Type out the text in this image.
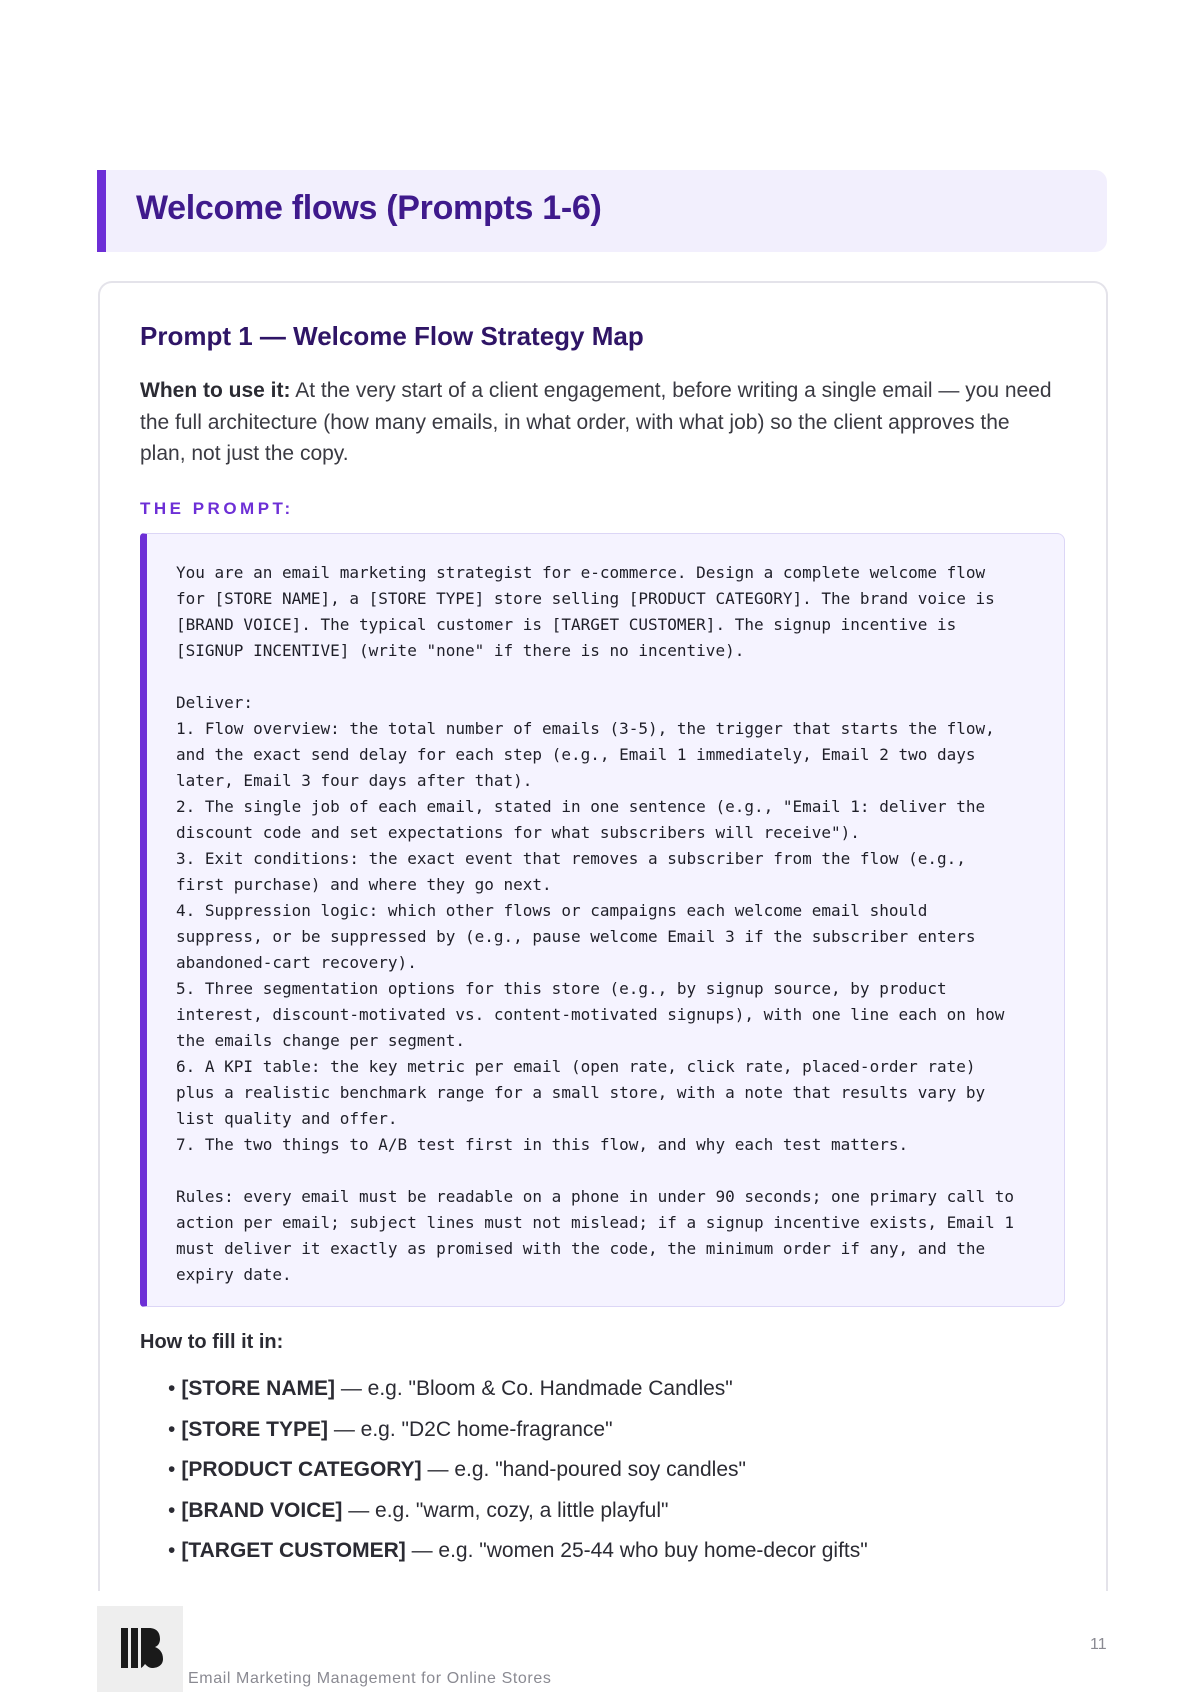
Welcome flows (Prompts 1-6)
Prompt 1 — Welcome Flow Strategy Map

When to use it: At the very start of a client engagement, before writing a single email — you need the full architecture (how many emails, in what order, with what job) so the client approves the plan, not just the copy.

THE PROMPT:
You are an email marketing strategist for e-commerce. Design a complete welcome flow
for [STORE NAME], a [STORE TYPE] store selling [PRODUCT CATEGORY]. The brand voice is
[BRAND VOICE]. The typical customer is [TARGET CUSTOMER]. The signup incentive is
[SIGNUP INCENTIVE] (write "none" if there is no incentive).

Deliver:
1. Flow overview: the total number of emails (3-5), the trigger that starts the flow,
and the exact send delay for each step (e.g., Email 1 immediately, Email 2 two days
later, Email 3 four days after that).
2. The single job of each email, stated in one sentence (e.g., "Email 1: deliver the
discount code and set expectations for what subscribers will receive").
3. Exit conditions: the exact event that removes a subscriber from the flow (e.g.,
first purchase) and where they go next.
4. Suppression logic: which other flows or campaigns each welcome email should
suppress, or be suppressed by (e.g., pause welcome Email 3 if the subscriber enters
abandoned-cart recovery).
5. Three segmentation options for this store (e.g., by signup source, by product
interest, discount-motivated vs. content-motivated signups), with one line each on how
the emails change per segment.
6. A KPI table: the key metric per email (open rate, click rate, placed-order rate)
plus a realistic benchmark range for a small store, with a note that results vary by
list quality and offer.
7. The two things to A/B test first in this flow, and why each test matters.

Rules: every email must be readable on a phone in under 90 seconds; one primary call to
action per email; subject lines must not mislead; if a signup incentive exists, Email 1
must deliver it exactly as promised with the code, the minimum order if any, and the
expiry date.
How to fill it in:
• [STORE NAME] — e.g. "Bloom & Co. Handmade Candles"
• [STORE TYPE] — e.g. "D2C home-fragrance"
• [PRODUCT CATEGORY] — e.g. "hand-poured soy candles"
• [BRAND VOICE] — e.g. "warm, cozy, a little playful"
• [TARGET CUSTOMER] — e.g. "women 25-44 who buy home-decor gifts"
Email Marketing Management for Online Stores
11
